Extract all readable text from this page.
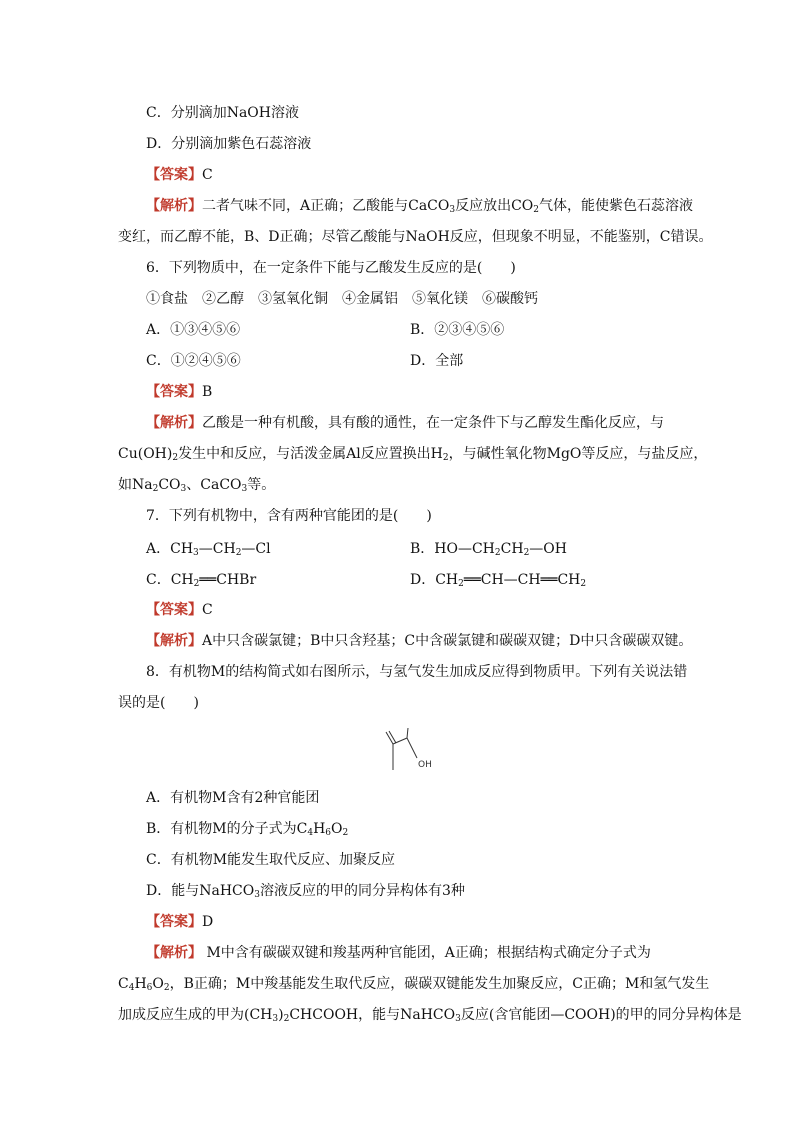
C．分别滴加NaOH溶液
D．分别滴加紫色石蕊溶液
【答案】C
【解析】二者气味不同，A正确；乙酸能与CaCO$_3$反应放出$CO_2$气体，能使紫色石蕊溶液
变红，而乙醇不能，B、D正确；尽管乙酸能与NaOH反应，但现象不明显，不能鉴别，C错误。
6．下列物质中，在一定条件下能与乙酸发生反应的是(　　)
①食盐　②乙醇　③氢氧化铜　④金属铝　⑤氧化镁　⑥碳酸钙
A．①③④⑤⑥	B．②③④⑤⑥
C．①②④⑤⑥	D．全部
【答案】B
【解析】乙酸是一种有机酸，具有酸的通性，在一定条件下与乙醇发生酯化反应，与
$Cu(OH)_2$发生中和反应，与活泼金属Al反应置换出$H_2$，与碱性氧化物MgO等反应，与盐反应，
如$Na_2CO_3$、CaCO$_3$等。
7．下列有机物中，含有两种官能团的是(　　)
A．$CH_3—CH_2—Cl$	B．$HO—CH_2CH_2—OH$
C．$CH_2══CHBr$	D．$CH_2══CH—CH══CH_2$
【答案】C
【解析】A中只含碳氯键；B中只含羟基；C中含碳氯键和碳碳双键；D中只含碳碳双键。
8．有机物M的结构简式如右图所示，与氢气发生加成反应得到物质甲。下列有关说法错
误的是(　　)
OH
A．有机物M含有2种官能团
B．有机物M的分子式为$C_4H_6O_2$
C．有机物M能发生取代反应、加聚反应
D．能与NaHCO$_3$溶液反应的甲的同分异构体有3种
【答案】D
【解析】 M中含有碳碳双键和羧基两种官能团，A正确；根据结构式确定分子式为
$C_4H_6O_2$，B正确；M中羧基能发生取代反应，碳碳双键能发生加聚反应，C正确；M和氢气发生
加成反应生成的甲为$(CH_3)_2CHCOOH$，能与NaHCO$_3$反应(含官能团—COOH)的甲的同分异构体是
